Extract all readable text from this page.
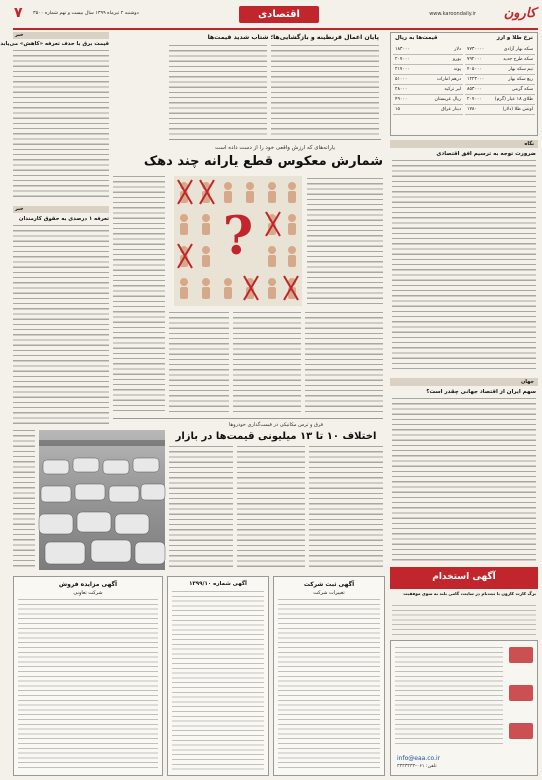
کارون
www.karoondaily.ir
اقتصادی
دوشنبه ۲ تیرماه ۱۳۹۹ سال بیست و نهم شماره ۳۵۰۰
۷
نرخ طلا و ارز
قیمت‌ها به ریال
سکه بهار آزادی	۷۷۳۰۰۰۰
سکه طرح جدید	۷۹۲۰۰۰
نیم سکه بهار	۴۰۵۰۰۰
ربع سکه بهار	۱۲۲۳۰۰۰
سکه گرمی	۸۵۳۰۰۰
طلای ۱۸ عیار (گرم)	۲۰۷۰۰۰
اونس طلا (دلار)	۱۷۸۰
دلار	۱۸۳۰۰۰
یورو	۲۰۷۰۰۰
پوند	۲۱۷۰۰۰
درهم امارات	۵۱۰۰۰
لیر ترکیه	۲۸۰۰۰
ریال عربستان	۴۹۰۰۰
دینار عراق	۱۵
نگاه
ضرورت توجه به ترسیم افق اقتصادی
جهان
سهم ایران از اقتصاد جهانی چقدر است؟
آگهی استخدام
برگ کارت کارون با ثبت‌نام در سایت، گامی بلند به سوی موفقیت
info@eaa.co.ir
تلفن: ۰۶۱-۳۳۳۳۳۳۳
پایان اعمال قرنطینه و بازگشایی‌ها؛ شتاب شدید قیمت‌ها
یارانه‌های که ارزش واقعی خود را از دست داده است
شمارش معکوس قطع یارانه چند دهک
?
فرق و ترس مکانیکی در قیمت‌گذاری خودروها
اختلاف ۱۰ تا ۱۳ میلیونی قیمت‌ها در بازار
خبر
قیمت برق با حذف تعرفه «کاهش» می‌یابد
خبر
تعرفه ۱ درصدی به حقوق کارمندان
آگهی مزایده فروش
شرکت تعاونی
آگهی شماره ۱۳۹۹/۱۰	آگهی ثبت شرکت
تغییرات شرکت
